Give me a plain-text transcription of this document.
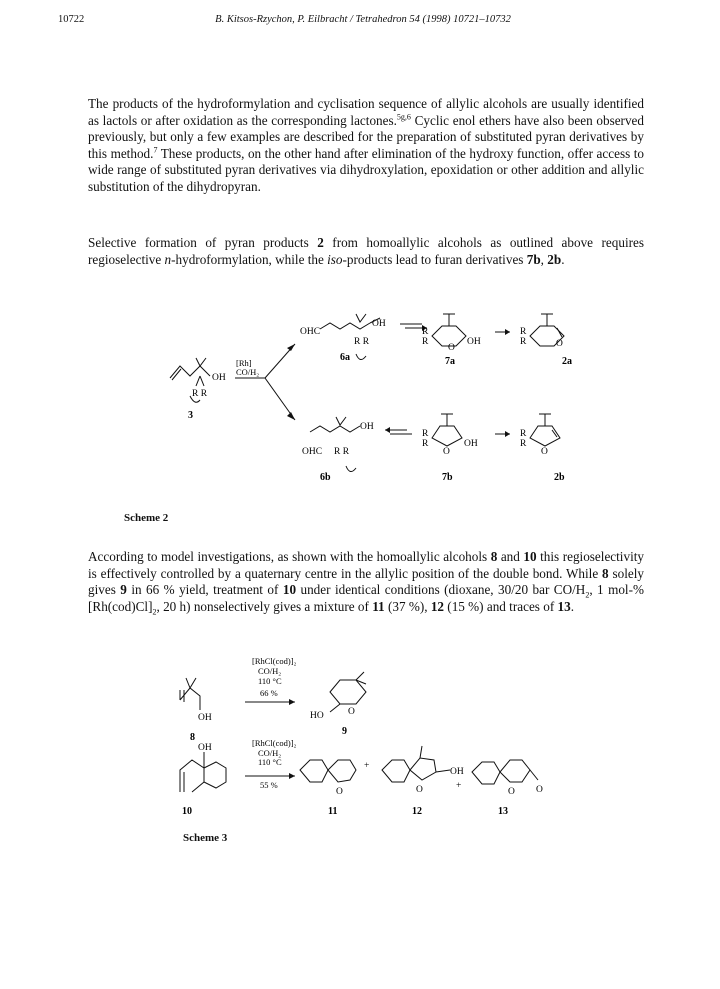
10722	B. Kitsos-Rzychon, P. Eilbracht / Tetrahedron 54 (1998) 10721–10732

The products of the hydroformylation and cyclisation sequence of allylic alcohols are usually identified as lactols or after oxidation as the corresponding lactones.$^{5g,6}$ Cyclic enol ethers have also been observed previously, but only a few examples are described for the preparation of substituted pyran derivatives by this method.$^7$ These products, on the other hand after elimination of the hydroxy function, offer access to wide range of substituted pyran derivatives via dihydroxylation, epoxidation or other addition and allylic substitution of the dihydropyran.

Selective formation of pyran products 2 from homoallylic alcohols as outlined above requires regioselective n-hydroformylation, while the iso-products lead to furan derivatives 7b, 2b.

OH
R R
3
[Rh]
CO/H₂
OHC
OH
R R
6a
R
R
O
OH
7a
R
R	O
2a
OH
OHC R R
6b
R
R
O
OH
7b
R
R
O
2b
Scheme 2

According to model investigations, as shown with the homoallylic alcohols 8 and 10 this regioselectivity is effectively controlled by a quaternary centre in the allylic position of the double bond. While 8 solely gives 9 in 66 % yield, treatment of 10 under identical conditions (dioxane, 30/20 bar $CO/H_2$, 1 mol-% $[Rh(cod)Cl]_2$, 20 h) nonselectively gives a mixture of 11 (37 %), 12 (15 %) and traces of 13.

OH
8
[RhCl(cod)]₂
CO/H₂
110 °C
66 %
HO	O
9
OH
10
[RhCl(cod)]₂
CO/H₂
110 °C
55 %
O
+
11
O
OH
+
12
O O
13
Scheme 3
